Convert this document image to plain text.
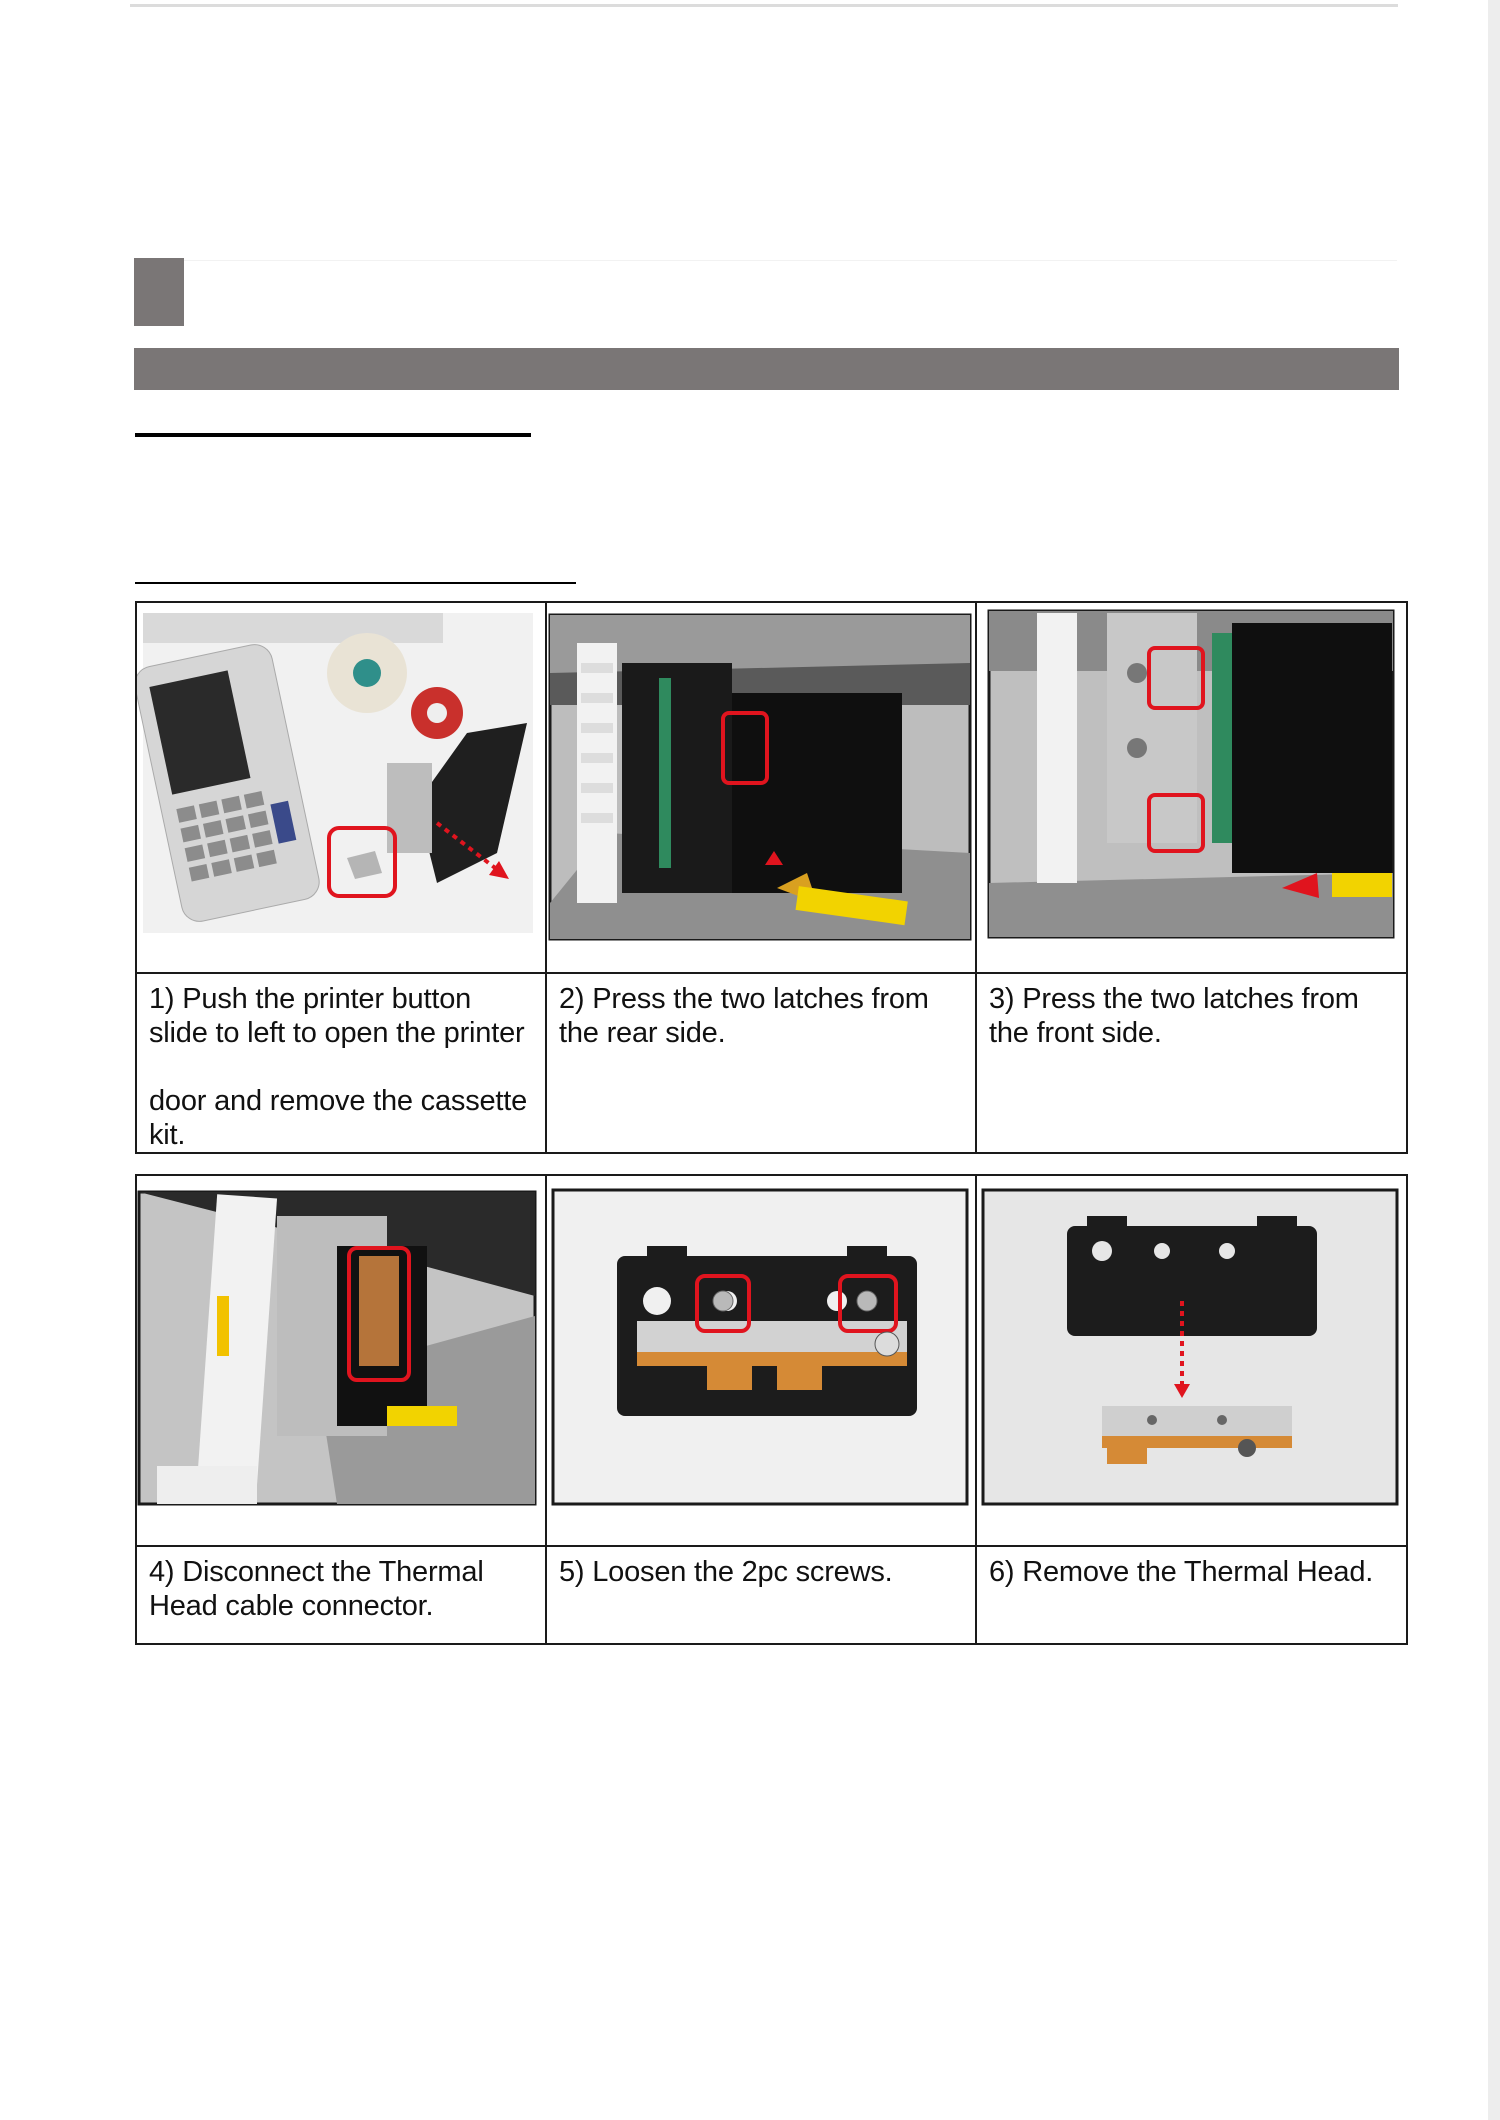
1) Push the printer button
slide to left to open the printer

door and remove the cassette
kit.	2) Press the two latches from
the rear side.	3) Press the two latches from
the front side.

4) Disconnect the Thermal
Head cable connector.	5) Loosen the 2pc screws.	6) Remove the Thermal Head.
